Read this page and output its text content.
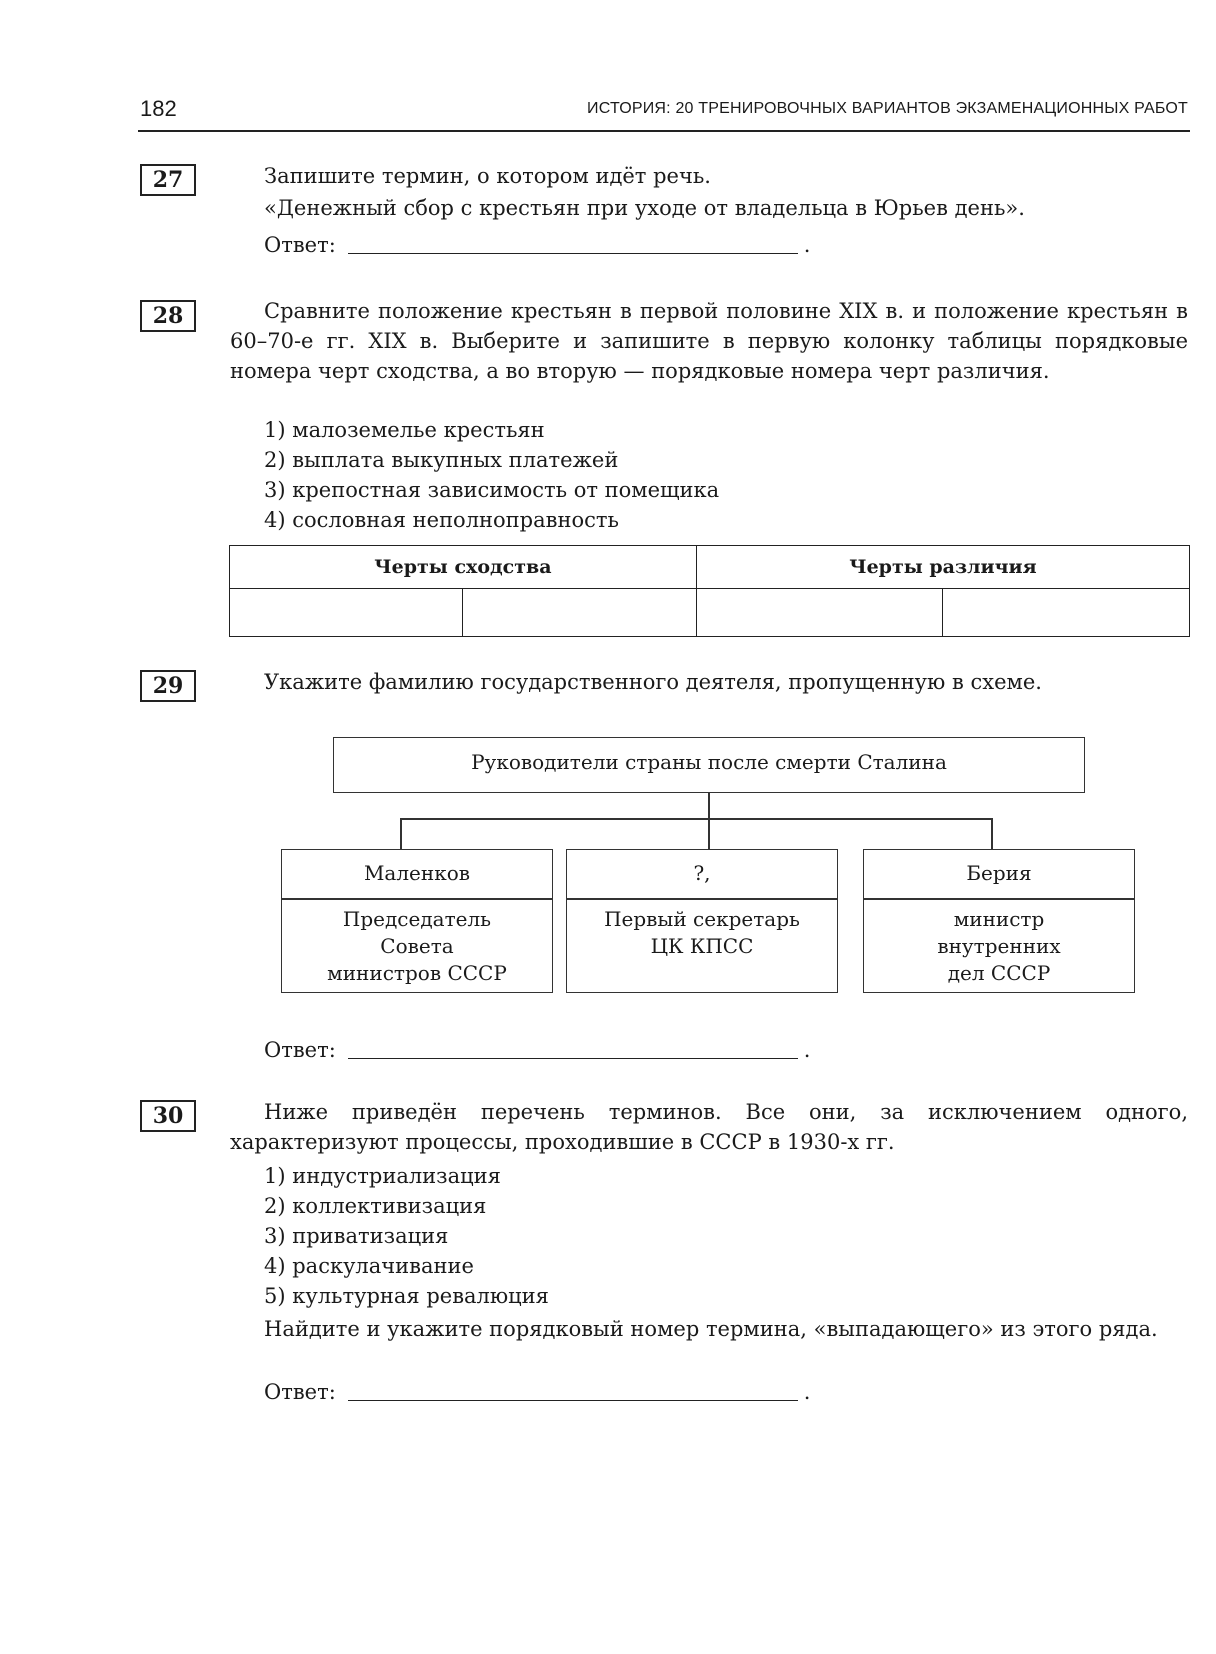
182	ИСТОРИЯ: 20 ТРЕНИРОВОЧНЫХ ВАРИАНТОВ ЭКЗАМЕНАЦИОННЫХ РАБОТ
27	Запишите термин, о котором идёт речь.
«Денежный сбор с крестьян при уходе от владельца в Юрьев день».
Ответ:	.
28	Сравните положение крестьян в первой половине XIX в. и положение крестьян в 60–70-е гг. XIX в. Выберите и запишите в первую колонку таблицы порядковые номера черт сходства, а во вторую — порядковые номера черт различия.
1) малоземелье крестьян
2) выплата выкупных платежей
3) крепостная зависимость от помещика
4) сословная неполноправность
Черты сходства		Черты различия	

29	Укажите фамилию государственного деятеля, пропущенную в схеме.
Руководители страны после смерти Сталина
Маленков
Председатель
Совета
министров СССР
?,
Первый секретарь
ЦК КПСС
Берия
министр
внутренних
дел СССР
Ответ:	.
30	Ниже приведён перечень терминов. Все они, за исключением одного, характеризуют процессы, проходившие в СССР в 1930-х гг.
1) индустриализация
2) коллективизация
3) приватизация
4) раскулачивание
5) культурная ревалюция
Найдите и укажите порядковый номер термина, «выпадающего» из этого ряда.
Ответ:	.
